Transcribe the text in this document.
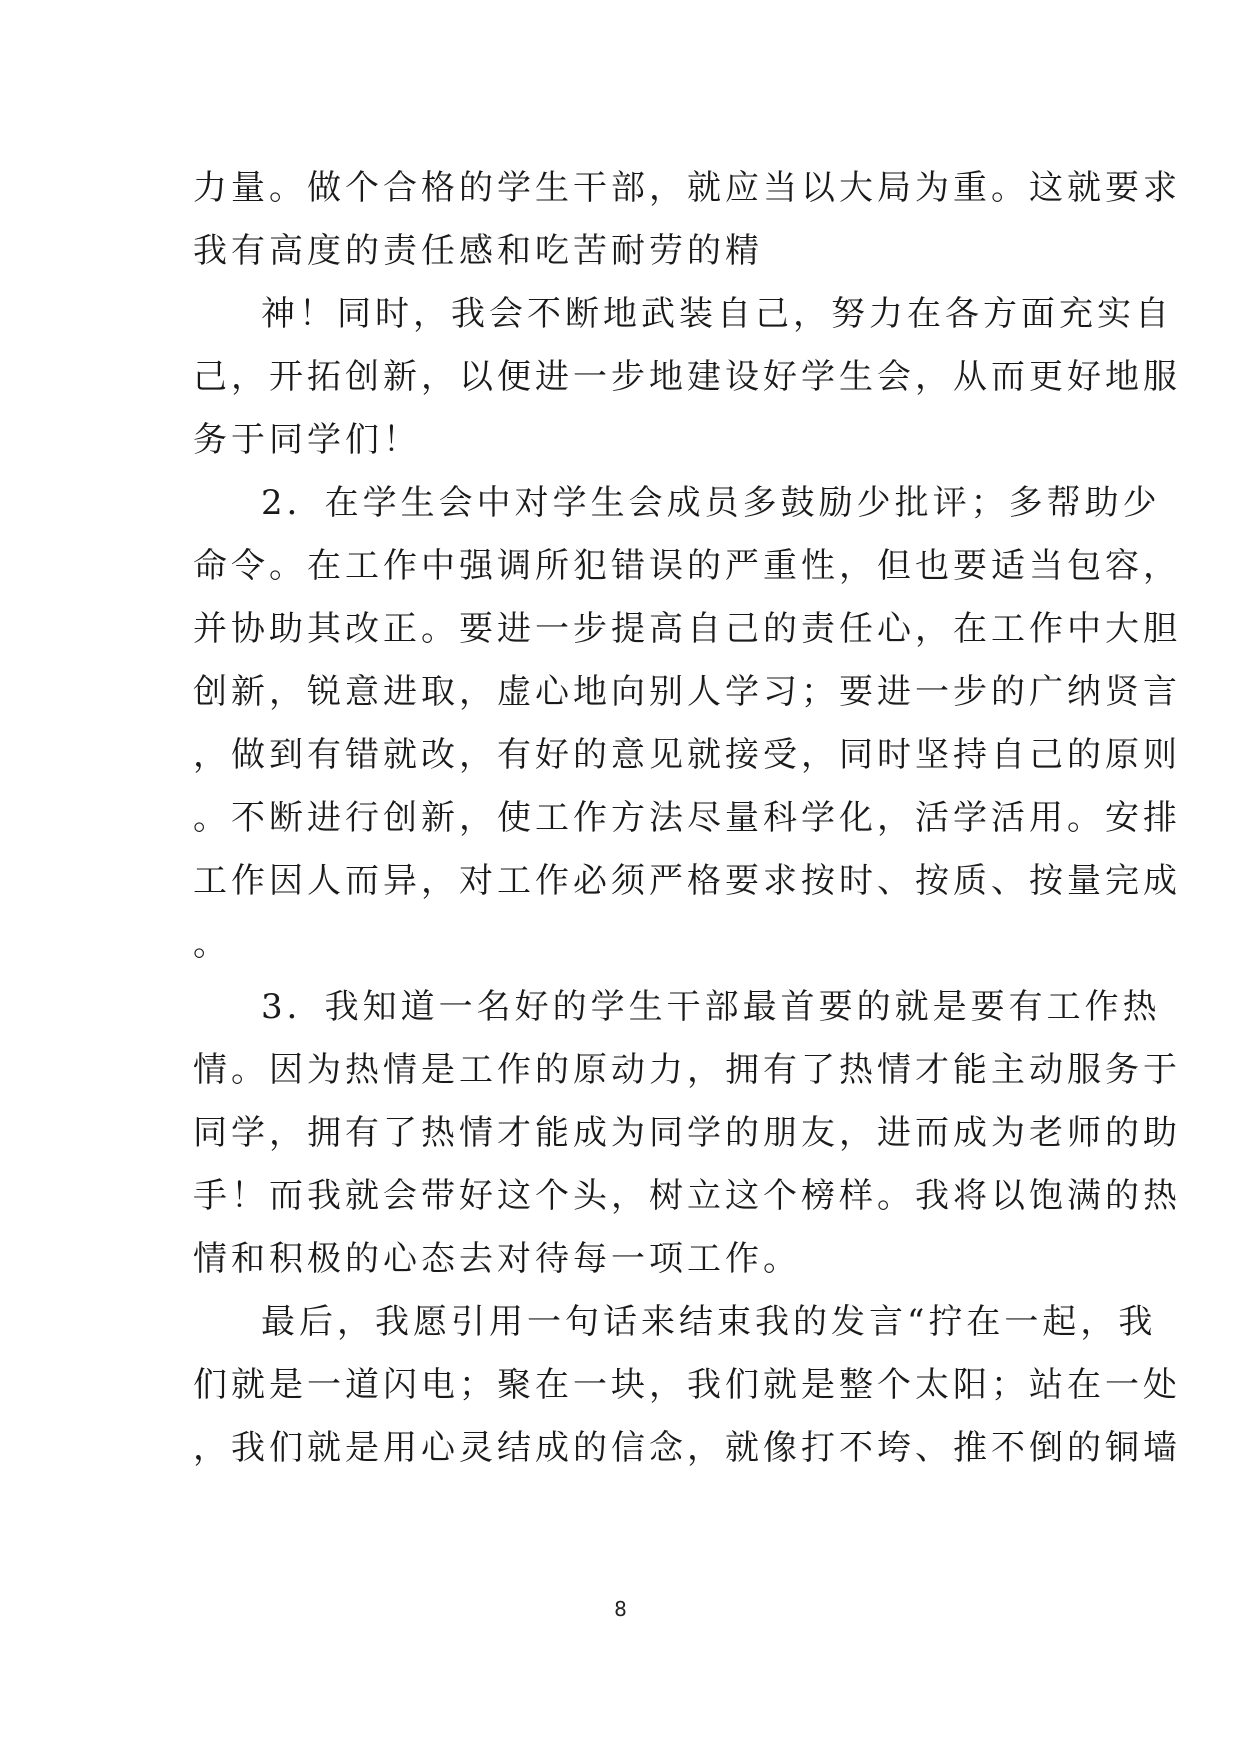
力量。做个合格的学生干部，就应当以大局为重。这就要求
我有高度的责任感和吃苦耐劳的精
神！同时，我会不断地武装自己，努力在各方面充实自
己，开拓创新，以便进一步地建设好学生会，从而更好地服
务于同学们！
2．在学生会中对学生会成员多鼓励少批评；多帮助少
命令。在工作中强调所犯错误的严重性，但也要适当包容，
并协助其改正。要进一步提高自己的责任心，在工作中大胆
创新，锐意进取，虚心地向别人学习；要进一步的广纳贤言
，做到有错就改，有好的意见就接受，同时坚持自己的原则
。不断进行创新，使工作方法尽量科学化，活学活用。安排
工作因人而异，对工作必须严格要求按时、按质、按量完成
。
3．我知道一名好的学生干部最首要的就是要有工作热
情。因为热情是工作的原动力，拥有了热情才能主动服务于
同学，拥有了热情才能成为同学的朋友，进而成为老师的助
手！而我就会带好这个头，树立这个榜样。我将以饱满的热
情和积极的心态去对待每一项工作。
最后，我愿引用一句话来结束我的发言“拧在一起，我
们就是一道闪电；聚在一块，我们就是整个太阳；站在一处
，我们就是用心灵结成的信念，就像打不垮、推不倒的铜墙
8
